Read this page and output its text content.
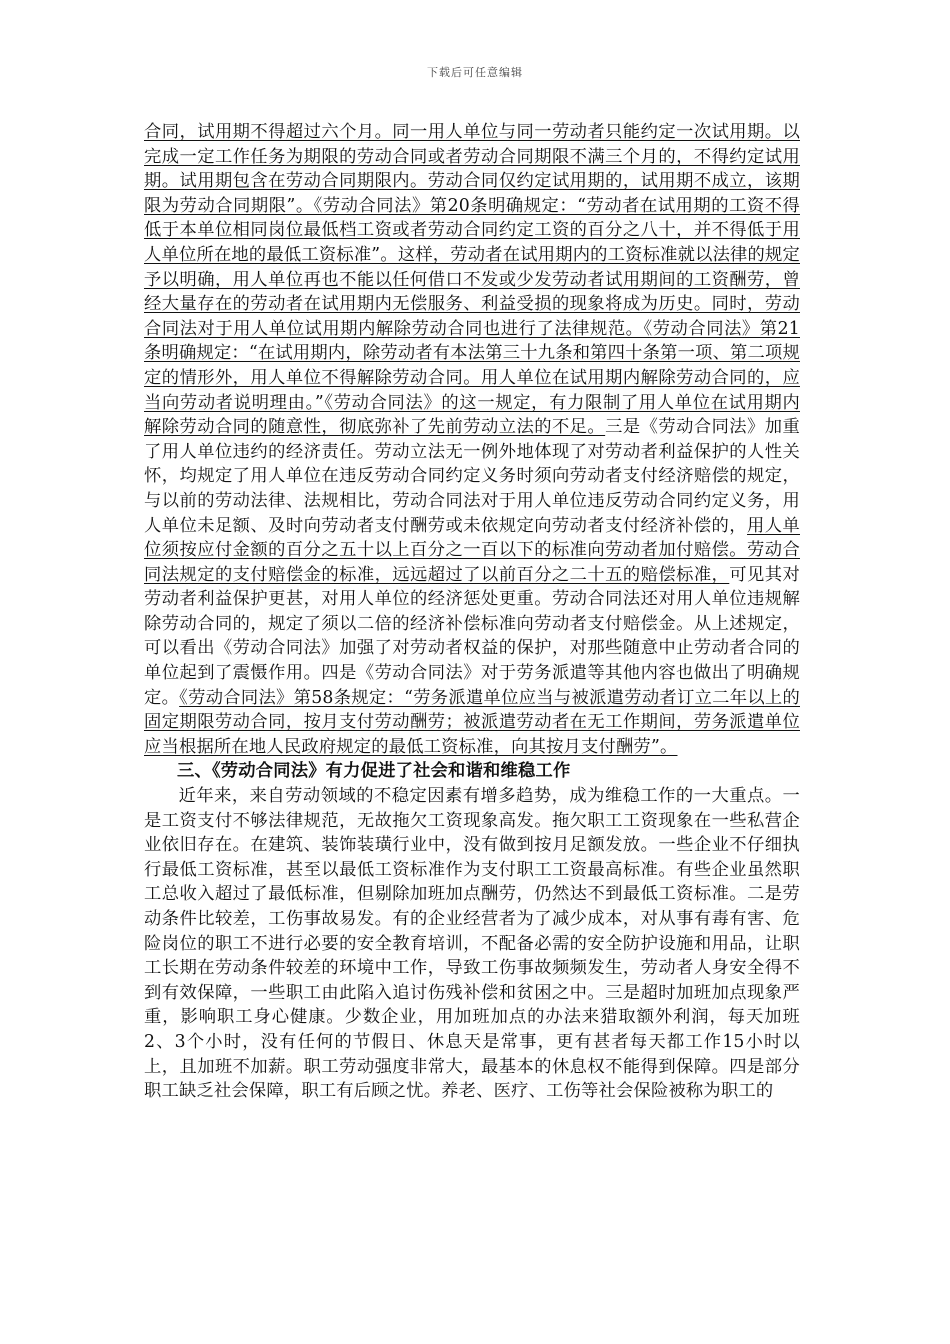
下载后可任意编辑

合同，试用期不得超过六个月。同一用人单位与同一劳动者只能约定一次试用期。以完成一定工作任务为期限的劳动合同或者劳动合同期限不满三个月的，不得约定试用期。试用期包含在劳动合同期限内。劳动合同仅约定试用期的，试用期不成立，该期限为劳动合同期限”。《劳动合同法》第20条明确规定：“劳动者在试用期的工资不得低于本单位相同岗位最低档工资或者劳动合同约定工资的百分之八十，并不得低于用人单位所在地的最低工资标准”。这样，劳动者在试用期内的工资标准就以法律的规定予以明确，用人单位再也不能以任何借口不发或少发劳动者试用期间的工资酬劳，曾经大量存在的劳动者在试用期内无偿服务、利益受损的现象将成为历史。同时，劳动合同法对于用人单位试用期内解除劳动合同也进行了法律规范。《劳动合同法》第21条明确规定：“在试用期内，除劳动者有本法第三十九条和第四十条第一项、第二项规定的情形外，用人单位不得解除劳动合同。用人单位在试用期内解除劳动合同的，应当向劳动者说明理由。”《劳动合同法》的这一规定，有力限制了用人单位在试用期内解除劳动合同的随意性，彻底弥补了先前劳动立法的不足。三是《劳动合同法》加重了用人单位违约的经济责任。劳动立法无一例外地体现了对劳动者利益保护的人性关怀，均规定了用人单位在违反劳动合同约定义务时须向劳动者支付经济赔偿的规定，与以前的劳动法律、法规相比，劳动合同法对于用人单位违反劳动合同约定义务，用人单位未足额、及时向劳动者支付酬劳或未依规定向劳动者支付经济补偿的，用人单位须按应付金额的百分之五十以上百分之一百以下的标准向劳动者加付赔偿。劳动合同法规定的支付赔偿金的标准，远远超过了以前百分之二十五的赔偿标准，可见其对劳动者利益保护更甚，对用人单位的经济惩处更重。劳动合同法还对用人单位违规解除劳动合同的，规定了须以二倍的经济补偿标准向劳动者支付赔偿金。从上述规定，可以看出《劳动合同法》加强了对劳动者权益的保护，对那些随意中止劳动者合同的单位起到了震慑作用。四是《劳动合同法》对于劳务派遣等其他内容也做出了明确规定。《劳动合同法》第58条规定：“劳务派遣单位应当与被派遣劳动者订立二年以上的固定期限劳动合同，按月支付劳动酬劳；被派遣劳动者在无工作期间，劳务派遣单位应当根据所在地人民政府规定的最低工资标准，向其按月支付酬劳”。

三、《劳动合同法》有力促进了社会和谐和维稳工作

近年来，来自劳动领域的不稳定因素有增多趋势，成为维稳工作的一大重点。一是工资支付不够法律规范，无故拖欠工资现象高发。拖欠职工工资现象在一些私营企业依旧存在。在建筑、装饰装璜行业中，没有做到按月足额发放。一些企业不仔细执行最低工资标准，甚至以最低工资标准作为支付职工工资最高标准。有些企业虽然职工总收入超过了最低标准，但剔除加班加点酬劳，仍然达不到最低工资标准。二是劳动条件比较差，工伤事故易发。有的企业经营者为了减少成本，对从事有毒有害、危险岗位的职工不进行必要的安全教育培训，不配备必需的安全防护设施和用品，让职工长期在劳动条件较差的环境中工作，导致工伤事故频频发生，劳动者人身安全得不到有效保障，一些职工由此陷入追讨伤残补偿和贫困之中。三是超时加班加点现象严重，影响职工身心健康。少数企业，用加班加点的办法来猎取额外利润，每天加班2、3个小时，没有任何的节假日、休息天是常事，更有甚者每天都工作15小时以上，且加班不加薪。职工劳动强度非常大，最基本的休息权不能得到保障。四是部分职工缺乏社会保障，职工有后顾之忧。养老、医疗、工伤等社会保险被称为职工的
